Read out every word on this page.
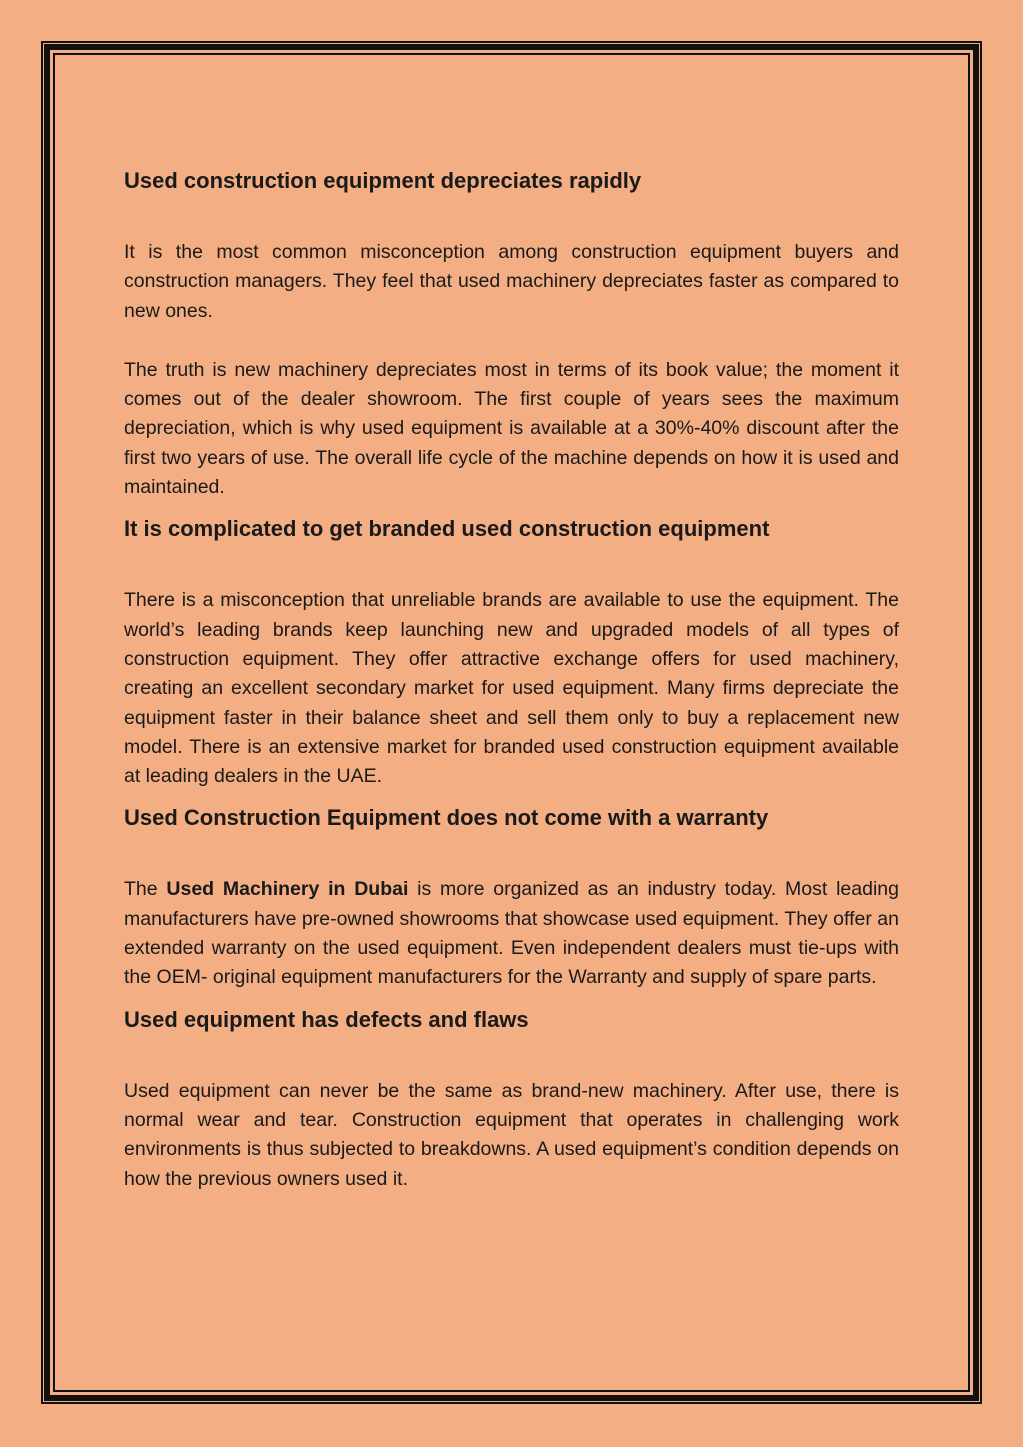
Used construction equipment depreciates rapidly

It is the most common misconception among construction equipment buyers and construction managers. They feel that used machinery depreciates faster as compared to new ones.

The truth is new machinery depreciates most in terms of its book value; the moment it comes out of the dealer showroom. The first couple of years sees the maximum depreciation, which is why used equipment is available at a 30%-40% discount after the first two years of use. The overall life cycle of the machine depends on how it is used and maintained.

It is complicated to get branded used construction equipment

There is a misconception that unreliable brands are available to use the equipment. The world’s leading brands keep launching new and upgraded models of all types of construction equipment. They offer attractive exchange offers for used machinery, creating an excellent secondary market for used equipment. Many firms depreciate the equipment faster in their balance sheet and sell them only to buy a replacement new model. There is an extensive market for branded used construction equipment available at leading dealers in the UAE.

Used Construction Equipment does not come with a warranty

The Used Machinery in Dubai is more organized as an industry today. Most leading manufacturers have pre-owned showrooms that showcase used equipment. They offer an extended warranty on the used equipment. Even independent dealers must tie-ups with the OEM- original equipment manufacturers for the Warranty and supply of spare parts.

Used equipment has defects and flaws

Used equipment can never be the same as brand-new machinery. After use, there is normal wear and tear. Construction equipment that operates in challenging work environments is thus subjected to breakdowns. A used equipment’s condition depends on how the previous owners used it.
